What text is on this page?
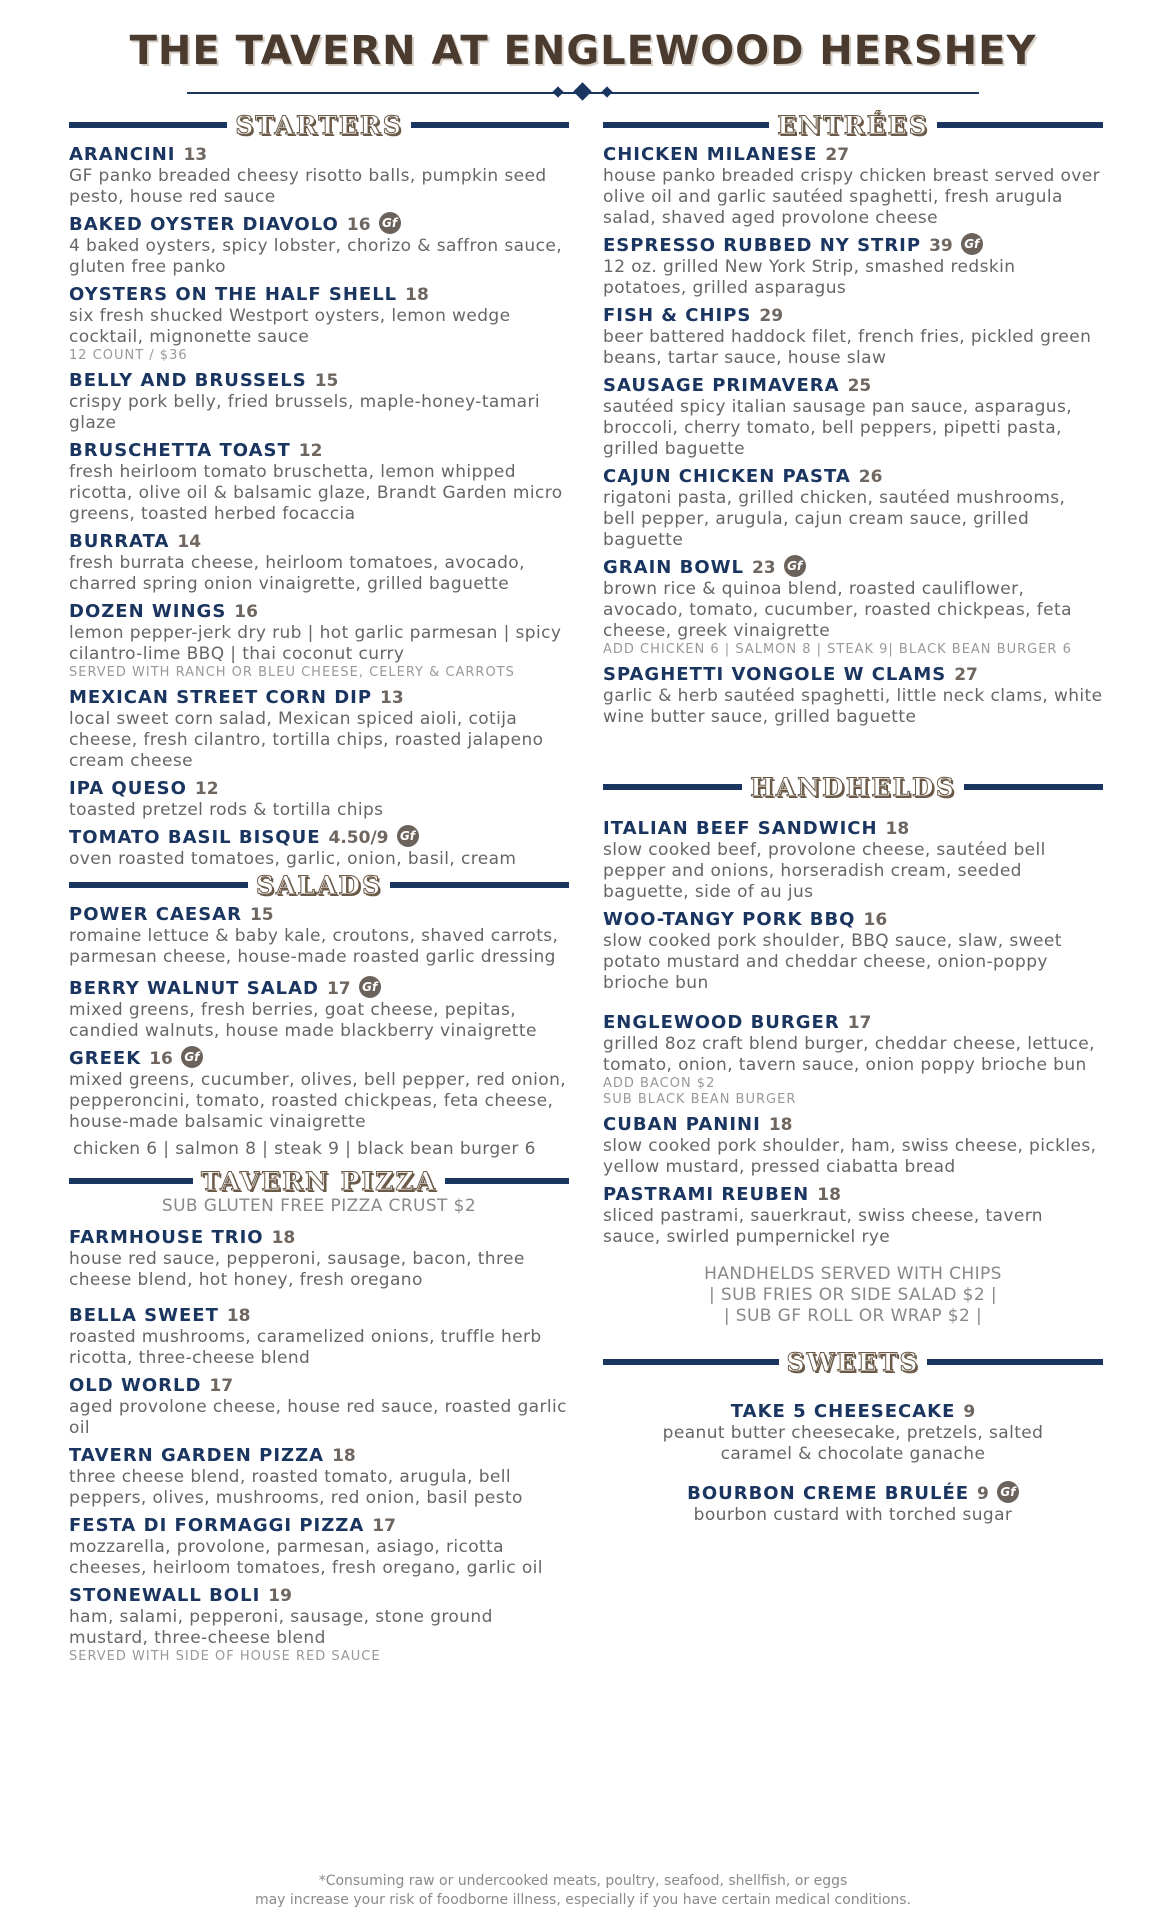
THE TAVERN AT ENGLEWOOD HERSHEY
STARTERS
ARANCINI 13
GF panko breaded cheesy risotto balls, pumpkin seed pesto, house red sauce
BAKED OYSTER DIAVOLO 16 Gf
4 baked oysters, spicy lobster, chorizo & saffron sauce, gluten free panko
OYSTERS ON THE HALF SHELL 18
six fresh shucked Westport oysters, lemon wedge cocktail, mignonette sauce
12 COUNT / $36
BELLY AND BRUSSELS 15
crispy pork belly, fried brussels, maple-honey-tamari glaze
BRUSCHETTA TOAST 12
fresh heirloom tomato bruschetta, lemon whipped ricotta, olive oil & balsamic glaze, Brandt Garden micro greens, toasted herbed focaccia
BURRATA 14
fresh burrata cheese, heirloom tomatoes, avocado, charred spring onion vinaigrette, grilled baguette
DOZEN WINGS 16
lemon pepper-jerk dry rub | hot garlic parmesan | spicy cilantro-lime BBQ | thai coconut curry
SERVED WITH RANCH OR BLEU CHEESE, CELERY & CARROTS
MEXICAN STREET CORN DIP 13
local sweet corn salad, Mexican spiced aioli, cotija cheese, fresh cilantro, tortilla chips, roasted jalapeno cream cheese
IPA QUESO 12
toasted pretzel rods & tortilla chips
TOMATO BASIL BISQUE 4.50/9 Gf
oven roasted tomatoes, garlic, onion, basil, cream
SALADS
POWER CAESAR 15
romaine lettuce & baby kale, croutons, shaved carrots, parmesan cheese, house-made roasted garlic dressing
BERRY WALNUT SALAD 17 Gf
mixed greens, fresh berries, goat cheese, pepitas, candied walnuts, house made blackberry vinaigrette
GREEK 16 Gf
mixed greens, cucumber, olives, bell pepper, red onion, pepperoncini, tomato, roasted chickpeas, feta cheese, house-made balsamic vinaigrette
chicken 6 | salmon 8 | steak 9 | black bean burger 6
TAVERN PIZZA
SUB GLUTEN FREE PIZZA CRUST $2
FARMHOUSE TRIO 18
house red sauce, pepperoni, sausage, bacon, three cheese blend, hot honey, fresh oregano
BELLA SWEET 18
roasted mushrooms, caramelized onions, truffle herb ricotta, three-cheese blend
OLD WORLD 17
aged provolone cheese, house red sauce, roasted garlic oil
TAVERN GARDEN PIZZA 18
three cheese blend, roasted tomato, arugula, bell peppers, olives, mushrooms, red onion, basil pesto
FESTA DI FORMAGGI PIZZA 17
mozzarella, provolone, parmesan, asiago, ricotta cheeses, heirloom tomatoes, fresh oregano, garlic oil
STONEWALL BOLI 19
ham, salami, pepperoni, sausage, stone ground mustard, three-cheese blend
SERVED WITH SIDE OF HOUSE RED SAUCE
ENTRÉES
CHICKEN MILANESE 27
house panko breaded crispy chicken breast served over olive oil and garlic sautéed spaghetti, fresh arugula salad, shaved aged provolone cheese
ESPRESSO RUBBED NY STRIP 39 Gf
12 oz. grilled New York Strip, smashed redskin potatoes, grilled asparagus
FISH & CHIPS 29
beer battered haddock filet, french fries, pickled green beans, tartar sauce, house slaw
SAUSAGE PRIMAVERA 25
sautéed spicy italian sausage pan sauce, asparagus, broccoli, cherry tomato, bell peppers, pipetti pasta, grilled baguette
CAJUN CHICKEN PASTA 26
rigatoni pasta, grilled chicken, sautéed mushrooms, bell pepper, arugula, cajun cream sauce, grilled baguette
GRAIN BOWL 23 Gf
brown rice & quinoa blend, roasted cauliflower, avocado, tomato, cucumber, roasted chickpeas, feta cheese, greek vinaigrette
ADD CHICKEN 6 | SALMON 8 | STEAK 9| BLACK BEAN BURGER 6
SPAGHETTI VONGOLE W CLAMS 27
garlic & herb sautéed spaghetti, little neck clams, white wine butter sauce, grilled baguette
HANDHELDS
ITALIAN BEEF SANDWICH 18
slow cooked beef, provolone cheese, sautéed bell pepper and onions, horseradish cream, seeded baguette, side of au jus
WOO-TANGY PORK BBQ 16
slow cooked pork shoulder, BBQ sauce, slaw, sweet potato mustard and cheddar cheese, onion-poppy brioche bun
ENGLEWOOD BURGER 17
grilled 8oz craft blend burger, cheddar cheese, lettuce, tomato, onion, tavern sauce, onion poppy brioche bun
ADD BACON $2
SUB BLACK BEAN BURGER
CUBAN PANINI 18
slow cooked pork shoulder, ham, swiss cheese, pickles, yellow mustard, pressed ciabatta bread
PASTRAMI REUBEN 18
sliced pastrami, sauerkraut, swiss cheese, tavern sauce, swirled pumpernickel rye
HANDHELDS SERVED WITH CHIPS
| SUB FRIES OR SIDE SALAD $2 |
| SUB GF ROLL OR WRAP $2 |
SWEETS
TAKE 5 CHEESECAKE 9
peanut butter cheesecake, pretzels, salted caramel & chocolate ganache
BOURBON CREME BRULÉE 9 Gf
bourbon custard with torched sugar
*Consuming raw or undercooked meats, poultry, seafood, shellfish, or eggs
may increase your risk of foodborne illness, especially if you have certain medical conditions.
